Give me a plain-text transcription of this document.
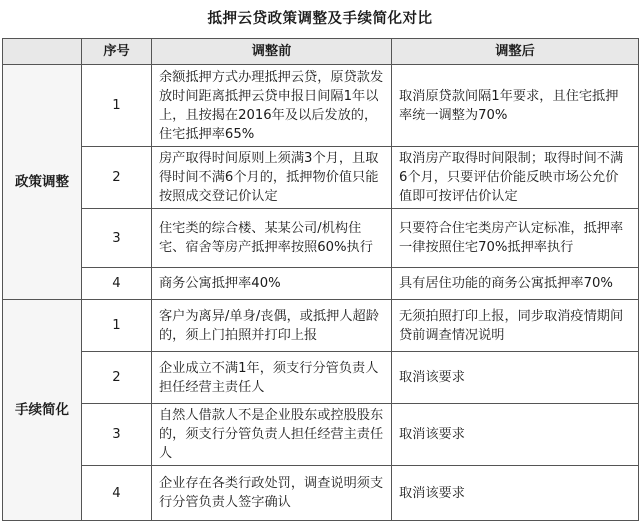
抵押云贷政策调整及手续简化对比
	序号	调整前	调整后
政策调整	1	余额抵押方式办理抵押云贷，原贷款发放时间距离抵押云贷申报日间隔1年以上，且按揭在2016年及以后发放的，住宅抵押率65%	取消原贷款间隔1年要求，且住宅抵押率统一调整为70%
	2	房产取得时间原则上须满3个月，且取得时间不满6个月的，抵押物价值只能按照成交登记价认定	取消房产取得时间限制；取得时间不满6个月，只要评估价能反映市场公允价值即可按评估价认定
	3	住宅类的综合楼、某某公司/机构住宅、宿舍等房产抵押率按照60%执行	只要符合住宅类房产认定标准，抵押率一律按照住宅70%抵押率执行
	4	商务公寓抵押率40%	具有居住功能的商务公寓抵押率70%
手续简化	1	客户为离异/单身/丧偶，或抵押人超龄的，须上门拍照并打印上报	无须拍照打印上报，同步取消疫情期间贷前调查情况说明
	2	企业成立不满1年，须支行分管负责人担任经营主责任人	取消该要求
	3	自然人借款人不是企业股东或控股股东的，须支行分管负责人担任经营主责任人	取消该要求
	4	企业存在各类行政处罚，调查说明须支行分管负责人签字确认	取消该要求
